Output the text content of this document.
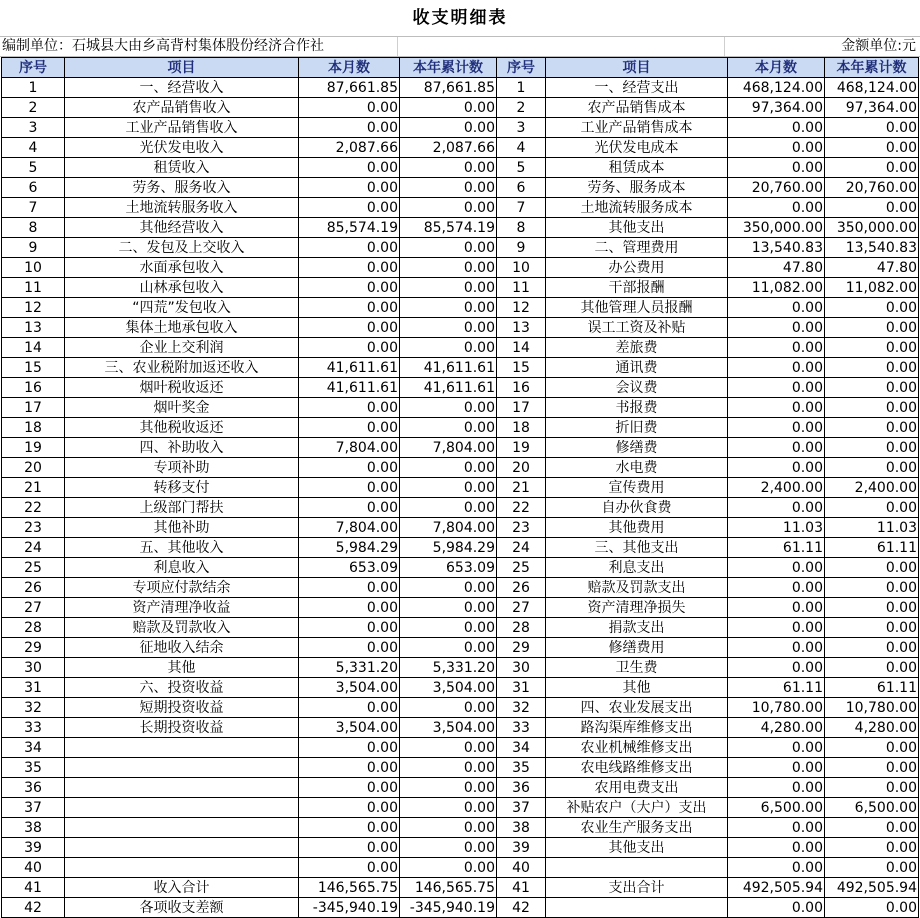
收支明细表
编制单位：石城县大由乡高背村集体股份经济合作社	金额单位:元
序号	项目	本月数	本年累计数	序号	项目	本月数	本年累计数
1	一、经营收入	87,661.85	87,661.85	1	一、经营支出	468,124.00	468,124.00
2	农产品销售收入	0.00	0.00	2	农产品销售成本	97,364.00	97,364.00
3	工业产品销售收入	0.00	0.00	3	工业产品销售成本	0.00	0.00
4	光伏发电收入	2,087.66	2,087.66	4	光伏发电成本	0.00	0.00
5	租赁收入	0.00	0.00	5	租赁成本	0.00	0.00
6	劳务、服务收入	0.00	0.00	6	劳务、服务成本	20,760.00	20,760.00
7	土地流转服务收入	0.00	0.00	7	土地流转服务成本	0.00	0.00
8	其他经营收入	85,574.19	85,574.19	8	其他支出	350,000.00	350,000.00
9	二、发包及上交收入	0.00	0.00	9	二、管理费用	13,540.83	13,540.83
10	水面承包收入	0.00	0.00	10	办公费用	47.80	47.80
11	山林承包收入	0.00	0.00	11	干部报酬	11,082.00	11,082.00
12	“四荒”发包收入	0.00	0.00	12	其他管理人员报酬	0.00	0.00
13	集体土地承包收入	0.00	0.00	13	误工工资及补贴	0.00	0.00
14	企业上交利润	0.00	0.00	14	差旅费	0.00	0.00
15	三、农业税附加返还收入	41,611.61	41,611.61	15	通讯费	0.00	0.00
16	烟叶税收返还	41,611.61	41,611.61	16	会议费	0.00	0.00
17	烟叶奖金	0.00	0.00	17	书报费	0.00	0.00
18	其他税收返还	0.00	0.00	18	折旧费	0.00	0.00
19	四、补助收入	7,804.00	7,804.00	19	修缮费	0.00	0.00
20	专项补助	0.00	0.00	20	水电费	0.00	0.00
21	转移支付	0.00	0.00	21	宣传费用	2,400.00	2,400.00
22	上级部门帮扶	0.00	0.00	22	自办伙食费	0.00	0.00
23	其他补助	7,804.00	7,804.00	23	其他费用	11.03	11.03
24	五、其他收入	5,984.29	5,984.29	24	三、其他支出	61.11	61.11
25	利息收入	653.09	653.09	25	利息支出	0.00	0.00
26	专项应付款结余	0.00	0.00	26	赔款及罚款支出	0.00	0.00
27	资产清理净收益	0.00	0.00	27	资产清理净损失	0.00	0.00
28	赔款及罚款收入	0.00	0.00	28	捐款支出	0.00	0.00
29	征地收入结余	0.00	0.00	29	修缮费用	0.00	0.00
30	其他	5,331.20	5,331.20	30	卫生费	0.00	0.00
31	六、投资收益	3,504.00	3,504.00	31	其他	61.11	61.11
32	短期投资收益	0.00	0.00	32	四、农业发展支出	10,780.00	10,780.00
33	长期投资收益	3,504.00	3,504.00	33	路沟渠库维修支出	4,280.00	4,280.00
34		0.00	0.00	34	农业机械维修支出	0.00	0.00
35		0.00	0.00	35	农电线路维修支出	0.00	0.00
36		0.00	0.00	36	农用电费支出	0.00	0.00
37		0.00	0.00	37	补贴农户（大户）支出	6,500.00	6,500.00
38		0.00	0.00	38	农业生产服务支出	0.00	0.00
39		0.00	0.00	39	其他支出	0.00	0.00
40		0.00	0.00	40		0.00	0.00
41	收入合计	146,565.75	146,565.75	41	支出合计	492,505.94	492,505.94
42	各项收支差额	-345,940.19	-345,940.19	42		0.00	0.00
